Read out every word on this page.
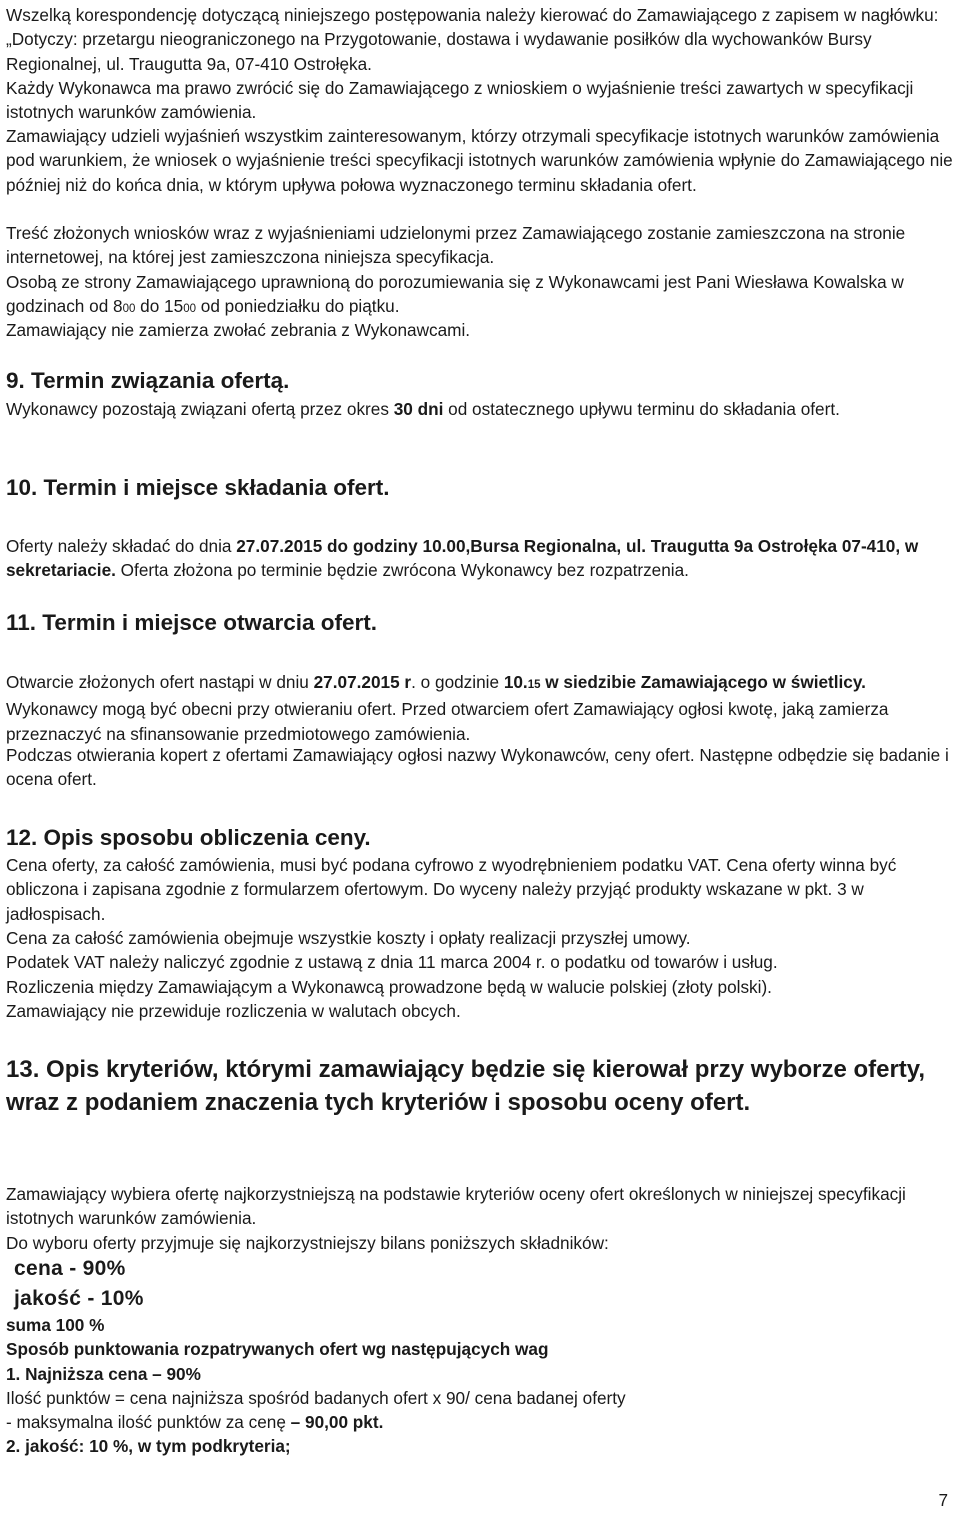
Wszelką korespondencję dotyczącą niniejszego postępowania należy kierować do Zamawiającego z zapisem w nagłówku: „Dotyczy: przetargu nieograniczonego na Przygotowanie, dostawa i wydawanie posiłków dla wychowanków Bursy Regionalnej, ul. Traugutta 9a, 07-410 Ostrołęka.

Każdy Wykonawca ma prawo zwrócić się do Zamawiającego z wnioskiem o wyjaśnienie treści zawartych w specyfikacji istotnych warunków zamówienia.

Zamawiający udzieli wyjaśnień wszystkim zainteresowanym, którzy otrzymali specyfikacje istotnych warunków zamówienia pod warunkiem, że wniosek o wyjaśnienie treści specyfikacji istotnych warunków zamówienia wpłynie do Zamawiającego nie później niż do końca dnia, w którym upływa połowa wyznaczonego terminu składania ofert.

Treść złożonych wniosków wraz z wyjaśnieniami udzielonymi przez Zamawiającego zostanie zamieszczona na stronie internetowej, na której jest zamieszczona niniejsza specyfikacja.

Osobą ze strony Zamawiającego uprawnioną do porozumiewania się z Wykonawcami jest Pani Wiesława Kowalska w godzinach od 800 do 1500 od poniedziałku do piątku.

Zamawiający nie zamierza zwołać zebrania z Wykonawcami.

9. Termin związania ofertą.

Wykonawcy pozostają związani ofertą przez okres 30 dni od ostatecznego upływu terminu do składania ofert.

10. Termin i miejsce składania ofert.

Oferty należy składać do dnia 27.07.2015 do godziny 10.00,Bursa Regionalna, ul. Traugutta 9a Ostrołęka 07-410, w sekretariacie. Oferta złożona po terminie będzie zwrócona Wykonawcy bez rozpatrzenia.

11. Termin i miejsce otwarcia ofert.

Otwarcie złożonych ofert nastąpi w dniu 27.07.2015 r. o godzinie 10.15 w siedzibie Zamawiającego w świetlicy. Wykonawcy mogą być obecni przy otwieraniu ofert. Przed otwarciem ofert Zamawiający ogłosi kwotę, jaką zamierza przeznaczyć na sfinansowanie przedmiotowego zamówienia.

Podczas otwierania kopert z ofertami Zamawiający ogłosi nazwy Wykonawców, ceny ofert. Następne odbędzie się badanie i ocena ofert.

12. Opis sposobu obliczenia ceny.

Cena oferty, za całość zamówienia, musi być podana cyfrowo z wyodrębnieniem podatku VAT. Cena oferty winna być obliczona i zapisana zgodnie z formularzem ofertowym. Do wyceny należy przyjąć produkty wskazane w pkt. 3 w jadłospisach.

Cena za całość zamówienia obejmuje wszystkie koszty i opłaty realizacji przyszłej umowy.

Podatek VAT należy naliczyć zgodnie z ustawą z dnia 11 marca 2004 r. o podatku od towarów i usług.

Rozliczenia między Zamawiającym a Wykonawcą prowadzone będą w walucie polskiej (złoty polski).

Zamawiający nie przewiduje rozliczenia w walutach obcych.

13. Opis kryteriów, którymi zamawiający będzie się kierował przy wyborze oferty, wraz z podaniem znaczenia tych kryteriów i sposobu oceny ofert.

Zamawiający wybiera ofertę najkorzystniejszą na podstawie kryteriów oceny ofert określonych w niniejszej specyfikacji istotnych warunków zamówienia.

Do wyboru oferty przyjmuje się najkorzystniejszy bilans poniższych składników:

cena - 90%

jakość - 10%

suma 100 %

Sposób punktowania rozpatrywanych ofert wg następujących wag

1. Najniższa cena – 90%

Ilość punktów = cena najniższa spośród badanych ofert x 90/ cena badanej oferty

- maksymalna ilość punktów za cenę – 90,00 pkt.

2. jakość: 10 %, w tym podkryteria;

7
